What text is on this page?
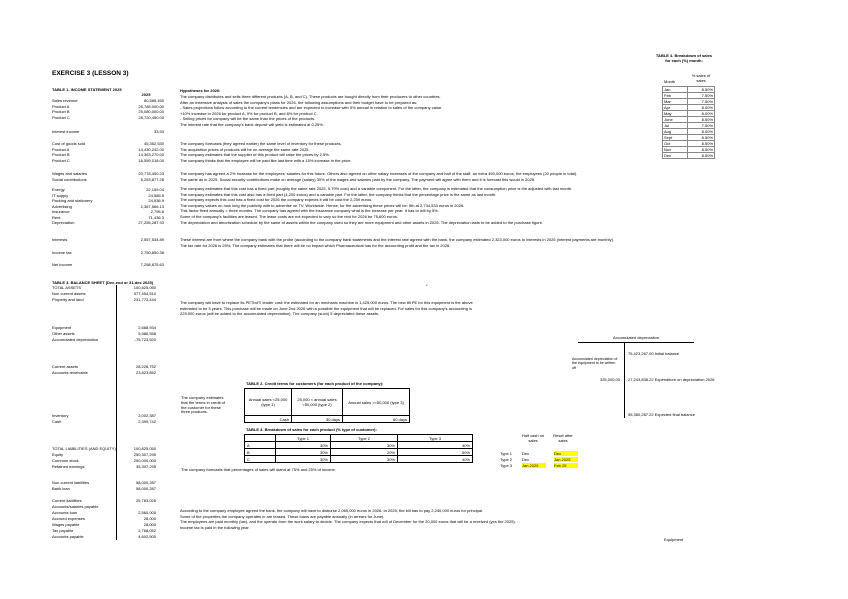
EXERCISE 3 (LESSON 3)
TABLE 1. INCOME STATEMENT 2025
2025
Sales revenue	80,585,450
Product A	26,785,000.00
Product B	25,080,000.00
Product C	28,720,450.00
Interest income	33.53
Cost of goods sold	45,352,530
Product A	14,430,242.00
Product B	14,363,270.00
Product C	16,559,018.00
Wages and salaries	20,778,450.23
Social contributions	6,253,877.28
Energy	22,159.04
IT supply	24,585.5
Packing and stationery	24,936.9
Advertising	2,367,566.13
Insurance	2,795.8
Rent	71,436.3
Depreciation	27,255,287.93
Interests	2,557,534.89
Income tax	2,750,850.38
Net income	7,258,875.63
TABLE 3. BALANCE SHEET (Dec-end or 31-dec 2025)
TOTAL ASSETS	100,825,050
Non current assets	377,454,510
Property and land	231,773,444
Equipment	2,668,934
Other assets	5,986,558
Accumulated depreciation	-75,723,520
Current assets	28,226,752
Accounts receivable	23,823,852
Inventory	2,002,387
Cash	2,399,742
TOTAL LIABILITIES (AND EQUITY)	100,825,050
Equity	250,307,295
Common stock	250,000,000
Retained earnings	35,307,295
Non current liabilities	58,000,287
Bank loan	58,000,287
Current liabilities	25,783,025
Accounts/salaries payable
Accounts loan	2,560,000
Accrued expenses	28,000
Wages payable	28,000
Tax payable	2,768,052
Accounts payable	4,602,500
Hypotheses for 2026:
The company distributes and sells three different products (A, B, and C). These products are bought directly from their producers to other countries.
After an extensive analysis of sales the company's plans for 2026, the following assumptions and their budget have to be prepared as:
- Sales projections follow according to the current tendencies and are expected to increase with 5% annual in relation to sales of the company value.
+10% increase in 2026 for product A, 9% for product B, and 8% for product C.
- Selling prices for company will be the same than the prices of the products.
The interest rate that the company's bank deposit will yield is estimated at 0.25%.
The company forecasts (they agreed earlier) the same level of inventory for these products.
The acquisition prices of products will be on average the same rate 2025.
The company estimates that the supplier of this product will raise the prices by 2.5%.
The company thinks that the employee will be paid like last time with a 15% increase in the price.
The company has agreed a 2% increase for the employees' salaries for this future. Others also agreed on other salary increases of the company and half of the staff. an extra 450,000 euros, the employees (20 people in total).
The same as in 2025. Social security contributions make on average (salary) 30% of the wages and salaries paid by the company. The payment will agree with them and it is forecast this would in 2026.
The company estimates that this cost has a fixed part (roughly the same rate 2025, 5.79% cost) and a variable component. For the latter, the company is estimated that the consumption price is the adjusted with last month.
The company estimates that this cost also has a fixed part (4,200 euros) and a variable part. For the latter, the company thinks that the percentage price is the same as last month.
The company expects this cost has a fixed cost for 2026 the company expects it will be cost the 2,259 euros.
The company values on how long the publicity with to advertise on TV. Worldwide. Hence, for the advertising these prices will be: 5th at 2,734,533 euros in 2026.
This factor fixed annually = three months. The company has agreed with the insurance company what is the increase per year. It has to will by 5%.
Some of the company's facilities are leased. The lease costs are not expected to vary so the rent for 2026 be 75,600 euros.
The depreciation and amortization schedule by the same of assets within the company used so they are more equipment and other assets in 2026. The depreciation lasts to be added to the purchase figure.
These interest are from where the company bank with the probe (according to the company bank statements and the interest rate agreed with the bank, the company estimated 2,323,000 euros to interests in 2026 (interest payments are monthly).
The tax rate for 2026 is 25%. The company estimates that there will be no impact which Pharmaceutical has for the accounting profit and the tax in 2026.
*
The company will have to replace its PETbdT! leader cost: the estimated for an mechanic machine is 1,425,000 euros. The new lift PE for this equipment is the above
estimated to be 5 years. This purchase will be made on June 2nd 2026 with a possible the equipment that will be replaced. For sales for this company's accounting is
225,000 euros (will be added to the accumulated depreciation). The company (such) 5 depreciated these assets.
Accumulated depreciation
Accumulated depreciation of the equipment to be written off
325,000.00
75,423,267.00 Initial balance
27,243,838.22 Expenditure on depreciation 2026
55,380,287.22 Expected final balance
TABLE 2. Credit terms for customers (for each product of the company):
The company estimates that the terms in credit of the customer for these three products.
Annual sales <25,000 (type 1)	25,000 < annual sales <50,000 (type 2)	Annual sales >=50,000 (type 3)
Cash	30 days	60 days
TABLE 3. Breakdown of sales for each product (% type of customer):
	Type 1	Type 2	Type 3
A	30%	30%	40%
B	30%	20%	50%
C	30%	30%	40%
The company forecasts that percentages of sales will stand at 75% and 25% of income.
Half cash on sales
Reset after sales
Type 1 Dec	Dec
Type 2 Dec	Jan 2025
Type 3 Jan 2025	Feb 25
According to the company employee agreed the bank, the company will have to disburse 2,065,000 euros in 2026. In 2025, the bill has to pay 2,240,000 euros for principal.
Some of the properties the company operates in are leased. These loans are payable annually (in arrears for June).
The employees are paid monthly (tax), and the operate from the work salary to decide. The company expects that will of December for the 20,000 euros that will be a received (yes the 2025).
Income tax is paid in the following year.
Equipment
TABLE 4. Breakdown of sales for each (%) month:
% sales of sales
Month
Jan	8.50%
Feb	7.50%
Mar	7.50%
Apr	8.00%
May	8.00%
June	8.50%
Jul	7.50%
Aug	8.00%
Sept	8.50%
Oct	8.50%
Nov	8.50%
Dec	8.50%
